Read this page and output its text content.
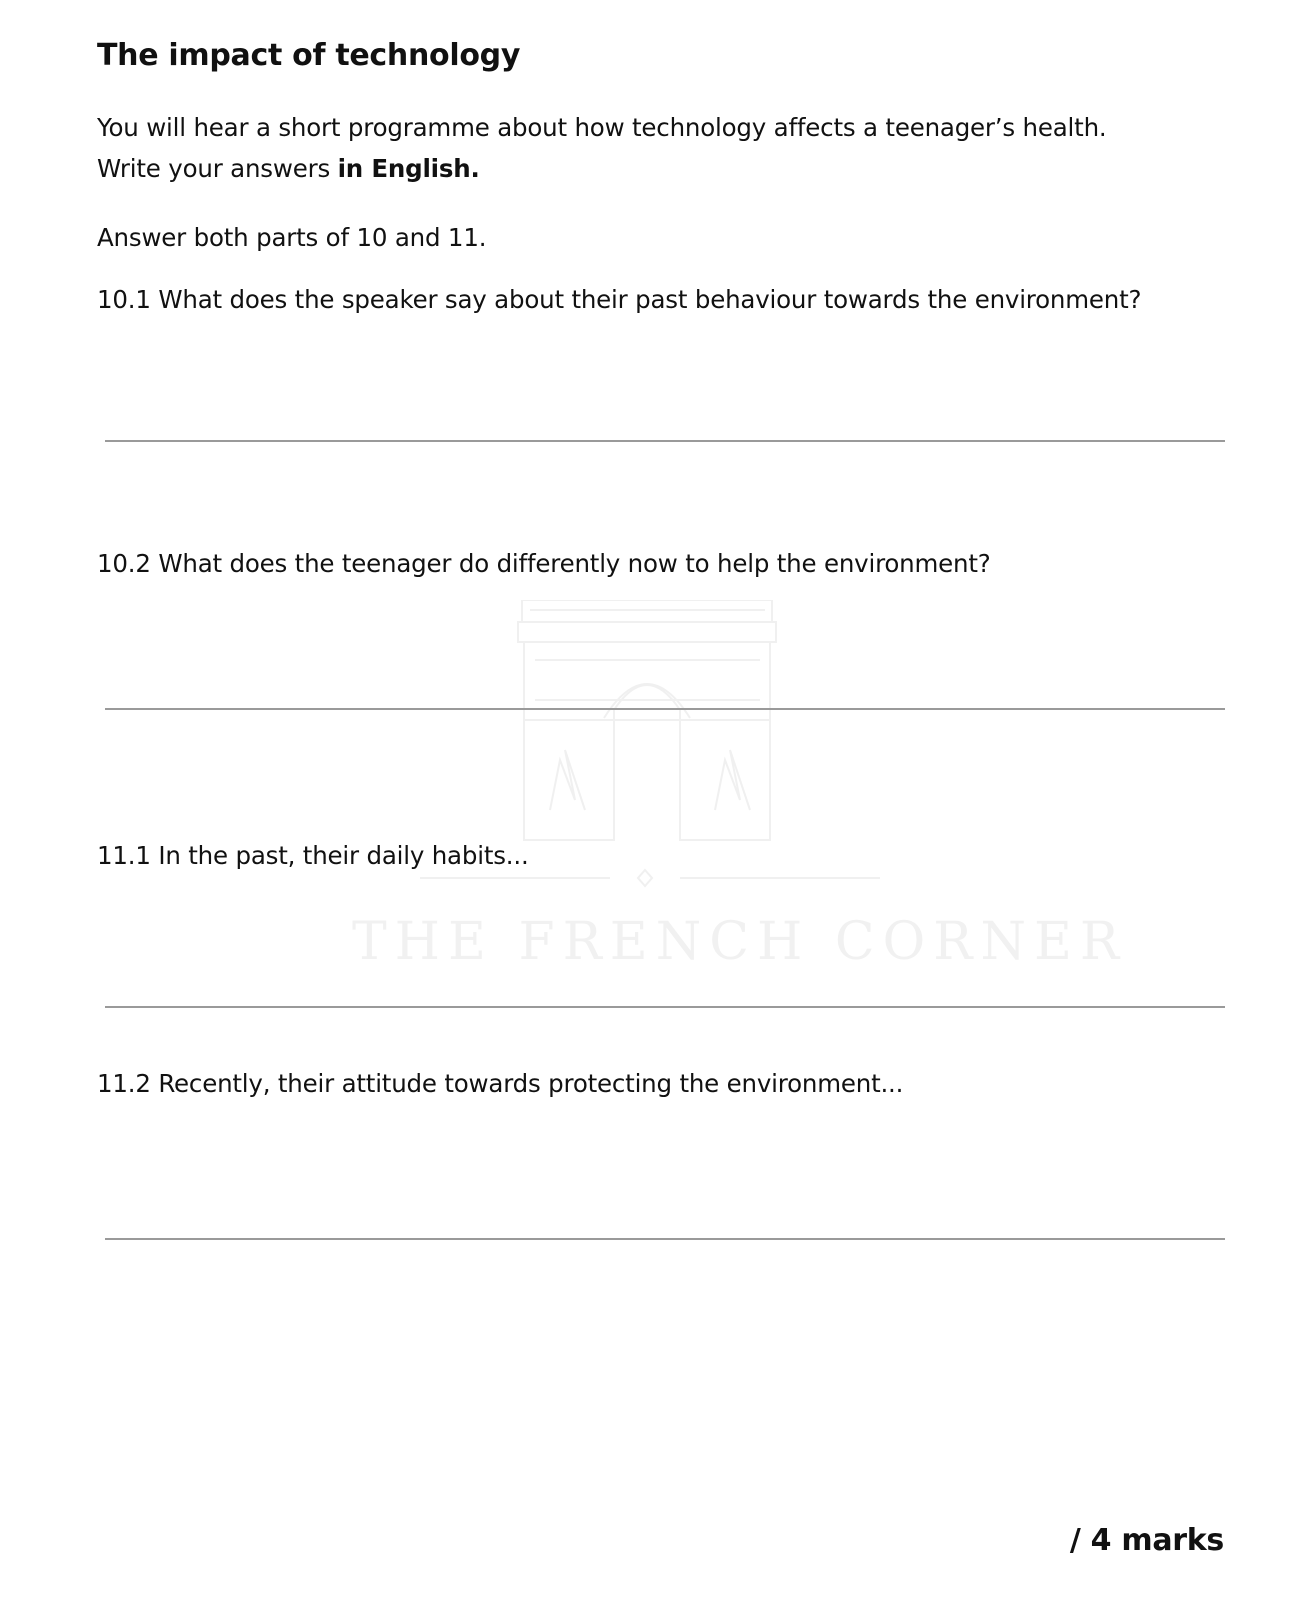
THE FRENCH CORNER
The impact of technology
You will hear a short programme about how technology affects a teenager’s health.
Write your answers in English.
Answer both parts of 10 and 11.
10.1 What does the speaker say about their past behaviour towards the environment?
10.2 What does the teenager do differently now to help the environment?
11.1 In the past, their daily habits...
11.2 Recently, their attitude towards protecting the environment...
/ 4 marks
